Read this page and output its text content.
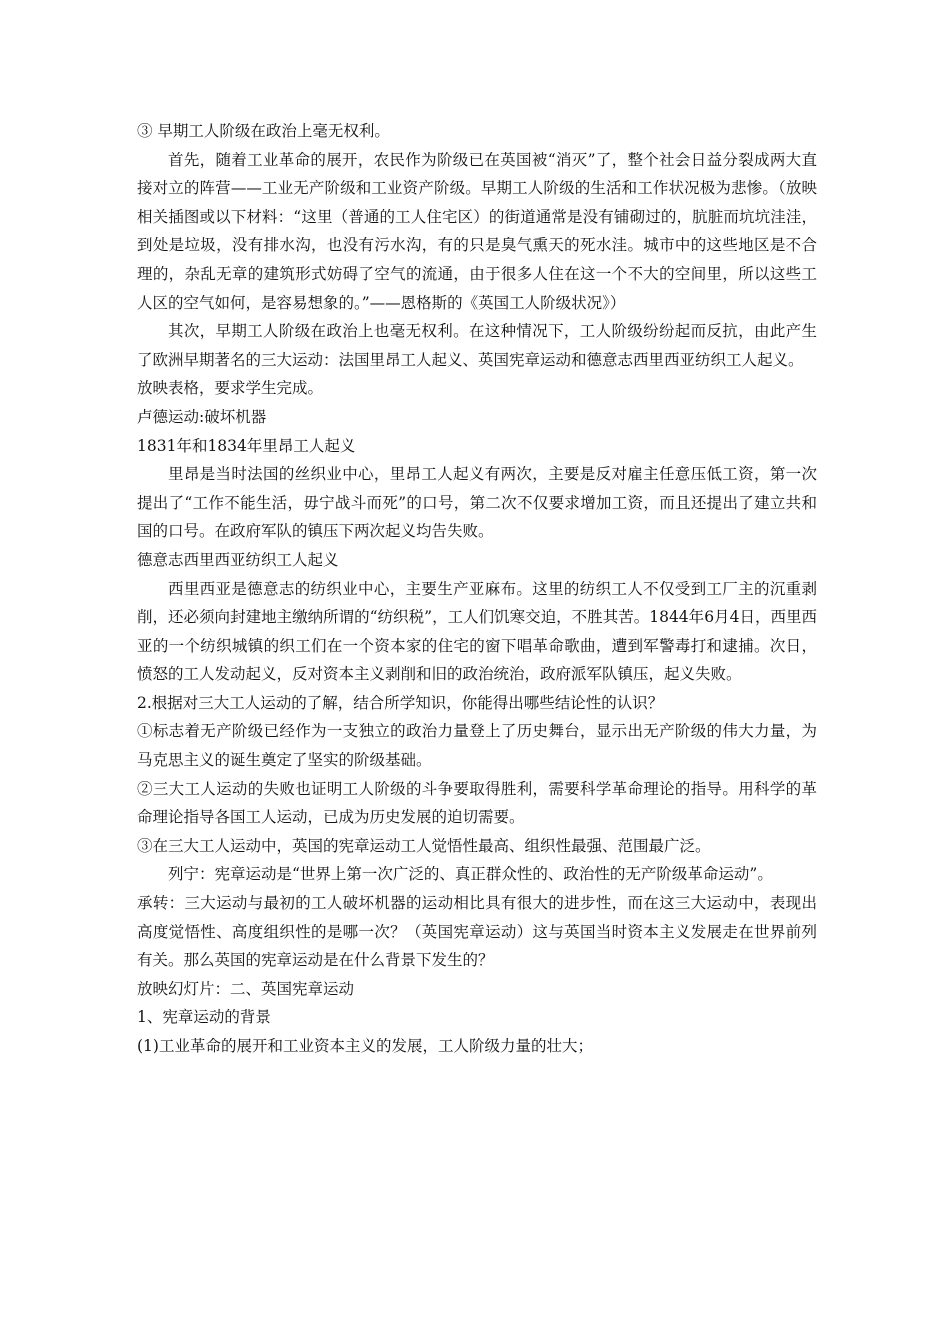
③ 早期工人阶级在政治上毫无权利。

首先，随着工业革命的展开，农民作为阶级已在英国被“消灭”了，整个社会日益分裂成两大直接对立的阵营——工业无产阶级和工业资产阶级。早期工人阶级的生活和工作状况极为悲惨。（放映相关插图或以下材料：“这里（普通的工人住宅区）的街道通常是没有铺砌过的，肮脏而坑坑洼洼，到处是垃圾，没有排水沟，也没有污水沟，有的只是臭气熏天的死水洼。城市中的这些地区是不合理的，杂乱无章的建筑形式妨碍了空气的流通，由于很多人住在这一个不大的空间里，所以这些工人区的空气如何，是容易想象的。”——恩格斯的《英国工人阶级状况》）

其次，早期工人阶级在政治上也毫无权利。在这种情况下，工人阶级纷纷起而反抗，由此产生了欧洲早期著名的三大运动：法国里昂工人起义、英国宪章运动和德意志西里西亚纺织工人起义。

放映表格，要求学生完成。

卢德运动:破坏机器

1831年和1834年里昂工人起义

里昂是当时法国的丝织业中心，里昂工人起义有两次，主要是反对雇主任意压低工资，第一次提出了“工作不能生活，毋宁战斗而死”的口号，第二次不仅要求增加工资，而且还提出了建立共和国的口号。在政府军队的镇压下两次起义均告失败。

德意志西里西亚纺织工人起义

西里西亚是德意志的纺织业中心，主要生产亚麻布。这里的纺织工人不仅受到工厂主的沉重剥削，还必须向封建地主缴纳所谓的“纺织税”，工人们饥寒交迫，不胜其苦。1844年6月4日，西里西亚的一个纺织城镇的织工们在一个资本家的住宅的窗下唱革命歌曲，遭到军警毒打和逮捕。次日，愤怒的工人发动起义，反对资本主义剥削和旧的政治统治，政府派军队镇压，起义失败。

2.根据对三大工人运动的了解，结合所学知识，你能得出哪些结论性的认识？

①标志着无产阶级已经作为一支独立的政治力量登上了历史舞台，显示出无产阶级的伟大力量，为马克思主义的诞生奠定了坚实的阶级基础。

②三大工人运动的失败也证明工人阶级的斗争要取得胜利，需要科学革命理论的指导。用科学的革命理论指导各国工人运动，已成为历史发展的迫切需要。

③在三大工人运动中，英国的宪章运动工人觉悟性最高、组织性最强、范围最广泛。

列宁：宪章运动是“世界上第一次广泛的、真正群众性的、政治性的无产阶级革命运动”。

承转：三大运动与最初的工人破坏机器的运动相比具有很大的进步性，而在这三大运动中，表现出高度觉悟性、高度组织性的是哪一次？（英国宪章运动）这与英国当时资本主义发展走在世界前列有关。那么英国的宪章运动是在什么背景下发生的？

放映幻灯片：二、英国宪章运动

1、宪章运动的背景

(1)工业革命的展开和工业资本主义的发展，工人阶级力量的壮大；
